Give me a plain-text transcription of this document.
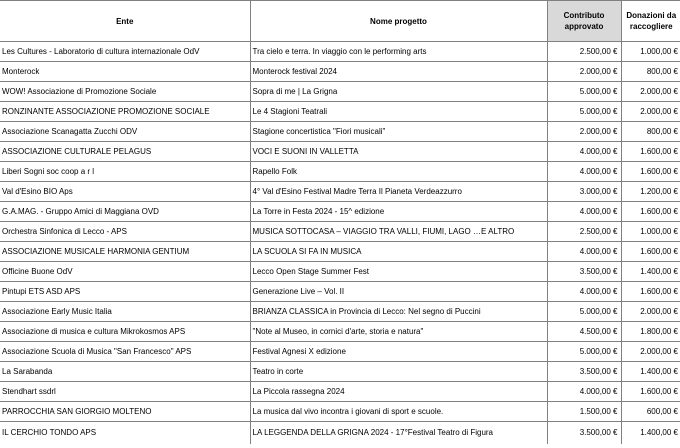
Ente	Nome progetto	Contributo approvato	Donazioni da raccogliere
Les Cultures - Laboratorio di cultura internazionale OdV	Tra cielo e terra. In viaggio con le performing arts	2.500,00 €	1.000,00 €
Monterock	Monterock festival 2024	2.000,00 €	800,00 €
WOW! Associazione di Promozione Sociale	Sopra di me | La Grigna	5.000,00 €	2.000,00 €
RONZINANTE ASSOCIAZIONE PROMOZIONE SOCIALE	Le 4 Stagioni Teatrali	5.000,00 €	2.000,00 €
Associazione Scanagatta Zucchi ODV	Stagione concertistica "Fiori musicali"	2.000,00 €	800,00 €
ASSOCIAZIONE CULTURALE PELAGUS	VOCI E SUONI IN VALLETTA	4.000,00 €	1.600,00 €
Liberi Sogni soc coop a r l	Rapello Folk	4.000,00 €	1.600,00 €
Val d'Esino BIO Aps	4° Val d'Esino Festival Madre Terra Il Pianeta Verdeazzurro	3.000,00 €	1.200,00 €
G.A.MAG. - Gruppo Amici di Maggiana OVD	La Torre in Festa 2024 - 15^ edizione	4.000,00 €	1.600,00 €
Orchestra Sinfonica di Lecco - APS	MUSICA SOTTOCASA – VIAGGIO TRA VALLI, FIUMI, LAGO …E ALTRO	2.500,00 €	1.000,00 €
ASSOCIAZIONE MUSICALE HARMONIA GENTIUM	LA SCUOLA SI FA IN MUSICA	4.000,00 €	1.600,00 €
Officine Buone OdV	Lecco Open Stage Summer Fest	3.500,00 €	1.400,00 €
Pintupi ETS ASD APS	Generazione Live – Vol. II	4.000,00 €	1.600,00 €
Associazione Early Music Italia	BRIANZA CLASSICA in Provincia di Lecco: Nel segno di Puccini	5.000,00 €	2.000,00 €
Associazione di musica e cultura Mikrokosmos APS	"Note al Museo, in cornici d'arte, storia e natura"	4.500,00 €	1.800,00 €
Associazione Scuola di Musica "San Francesco" APS	Festival Agnesi X edizione	5.000,00 €	2.000,00 €
La Sarabanda	Teatro in corte	3.500,00 €	1.400,00 €
Stendhart ssdrl	La Piccola rassegna 2024	4.000,00 €	1.600,00 €
PARROCCHIA SAN GIORGIO MOLTENO	La musica dal vivo incontra i giovani di sport e scuole.	1.500,00 €	600,00 €
IL CERCHIO TONDO APS	LA LEGGENDA DELLA GRIGNA 2024 - 17°Festival Teatro di Figura	3.500,00 €	1.400,00 €
